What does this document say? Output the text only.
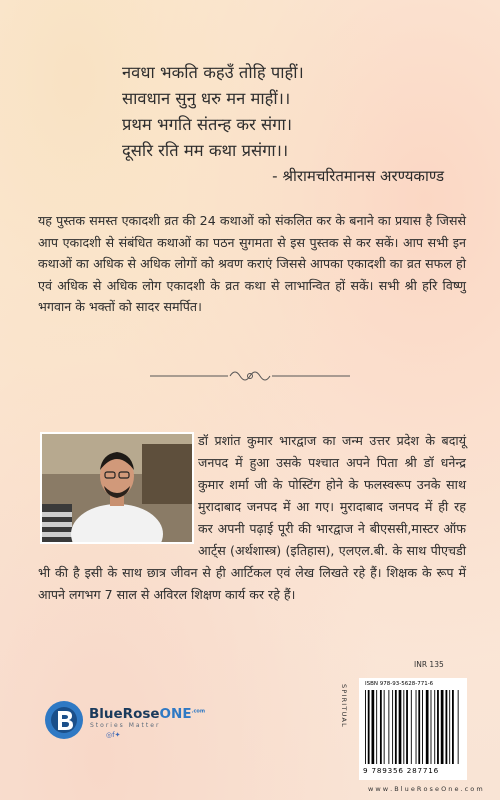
नवधा भकति कहउँ तोहि पाहीं।
सावधान सुनु धरु मन माहीं।।
प्रथम भगति संतन्ह कर संगा।
दूसरि रति मम कथा प्रसंगा।।
- श्रीरामचरितमानस अरण्यकाण्ड
यह पुस्तक समस्त एकादशी व्रत की 24 कथाओं को संकलित कर के बनाने का प्रयास है जिससे आप एकादशी से संबंधित कथाओं का पठन सुगमता से इस पुस्तक से कर सकें। आप सभी इन कथाओं का अधिक से अधिक लोगों को श्रवण कराएं जिससे आपका एकादशी का व्रत सफल हो एवं अधिक से अधिक लोग एकादशी के व्रत कथा से लाभान्वित हों सकें। सभी श्री हरि विष्णु भगवान के भक्तों को सादर समर्पित।
डॉ प्रशांत कुमार भारद्वाज का जन्म उत्तर प्रदेश के बदायूं जनपद में हुआ उसके पश्चात अपने पिता श्री डॉ धनेन्द्र कुमार शर्मा जी के पोस्टिंग होने के फलस्वरूप उनके साथ मुरादाबाद जनपद में आ गए। मुरादाबाद जनपद में ही रह कर अपनी पढ़ाई पूरी की भारद्वाज ने बीएससी,मास्टर ऑफ आर्ट्स (अर्थशास्त्र) (इतिहास), एलएल.बी. के साथ पीएचडी भी की है इसी के साथ छात्र जीवन से ही आर्टिकल एवं लेख लिखते रहे हैं। शिक्षक के रूप में आपने लगभग 7 साल से अविरल शिक्षण कार्य कर रहे हैं।
BlueRoseONE$^{.com}$
Stories Matter
◎f✦
INR 135
SPIRITUAL	ISBN 978-93-5628-771-6
9 789356 287716
w w w . B l u e R o s e O n e . c o m
